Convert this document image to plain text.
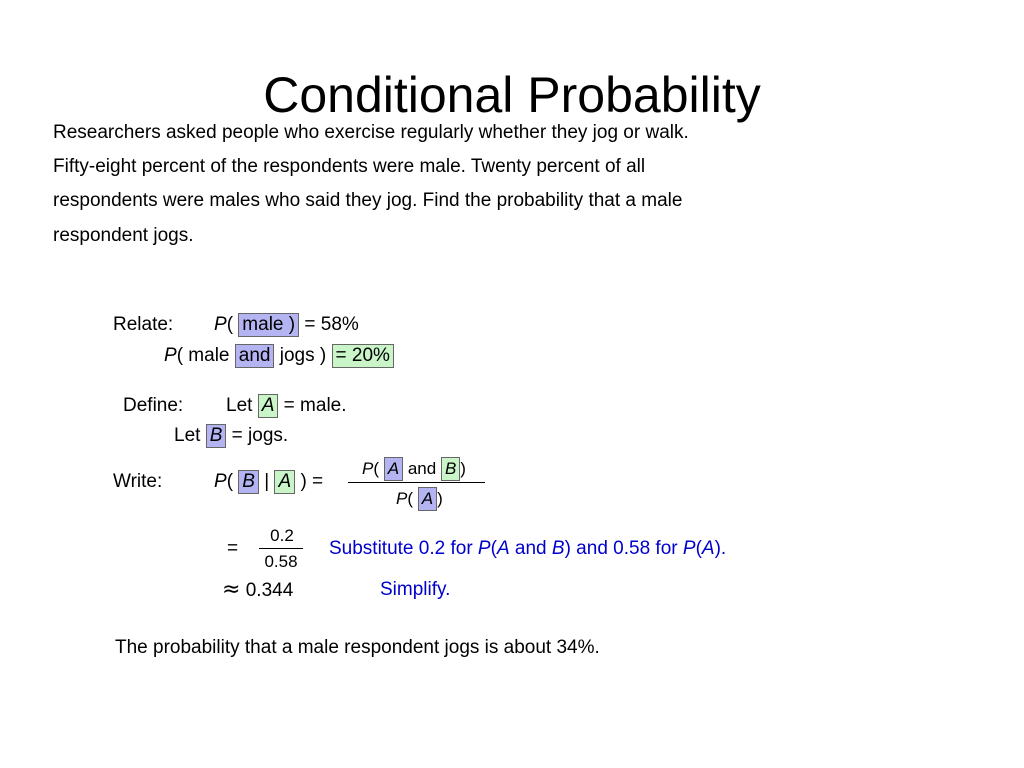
Conditional Probability
Researchers asked people who exercise regularly whether they jog or walk.
Fifty-eight percent of the respondents were male. Twenty percent of all
respondents were males who said they jog. Find the probability that a male
respondent jogs.
Relate: P( male ) = 58%
P( male and jogs ) = 20%
Define: Let A = male.
Let B = jogs.
Write:	P( B | A ) =
P( A and B )
P( A )
=
0.2
0.58
Substitute 0.2 for P(A and B) and 0.58 for P(A).
≈ 0.344	Simplify.
The probability that a male respondent jogs is about 34%.
